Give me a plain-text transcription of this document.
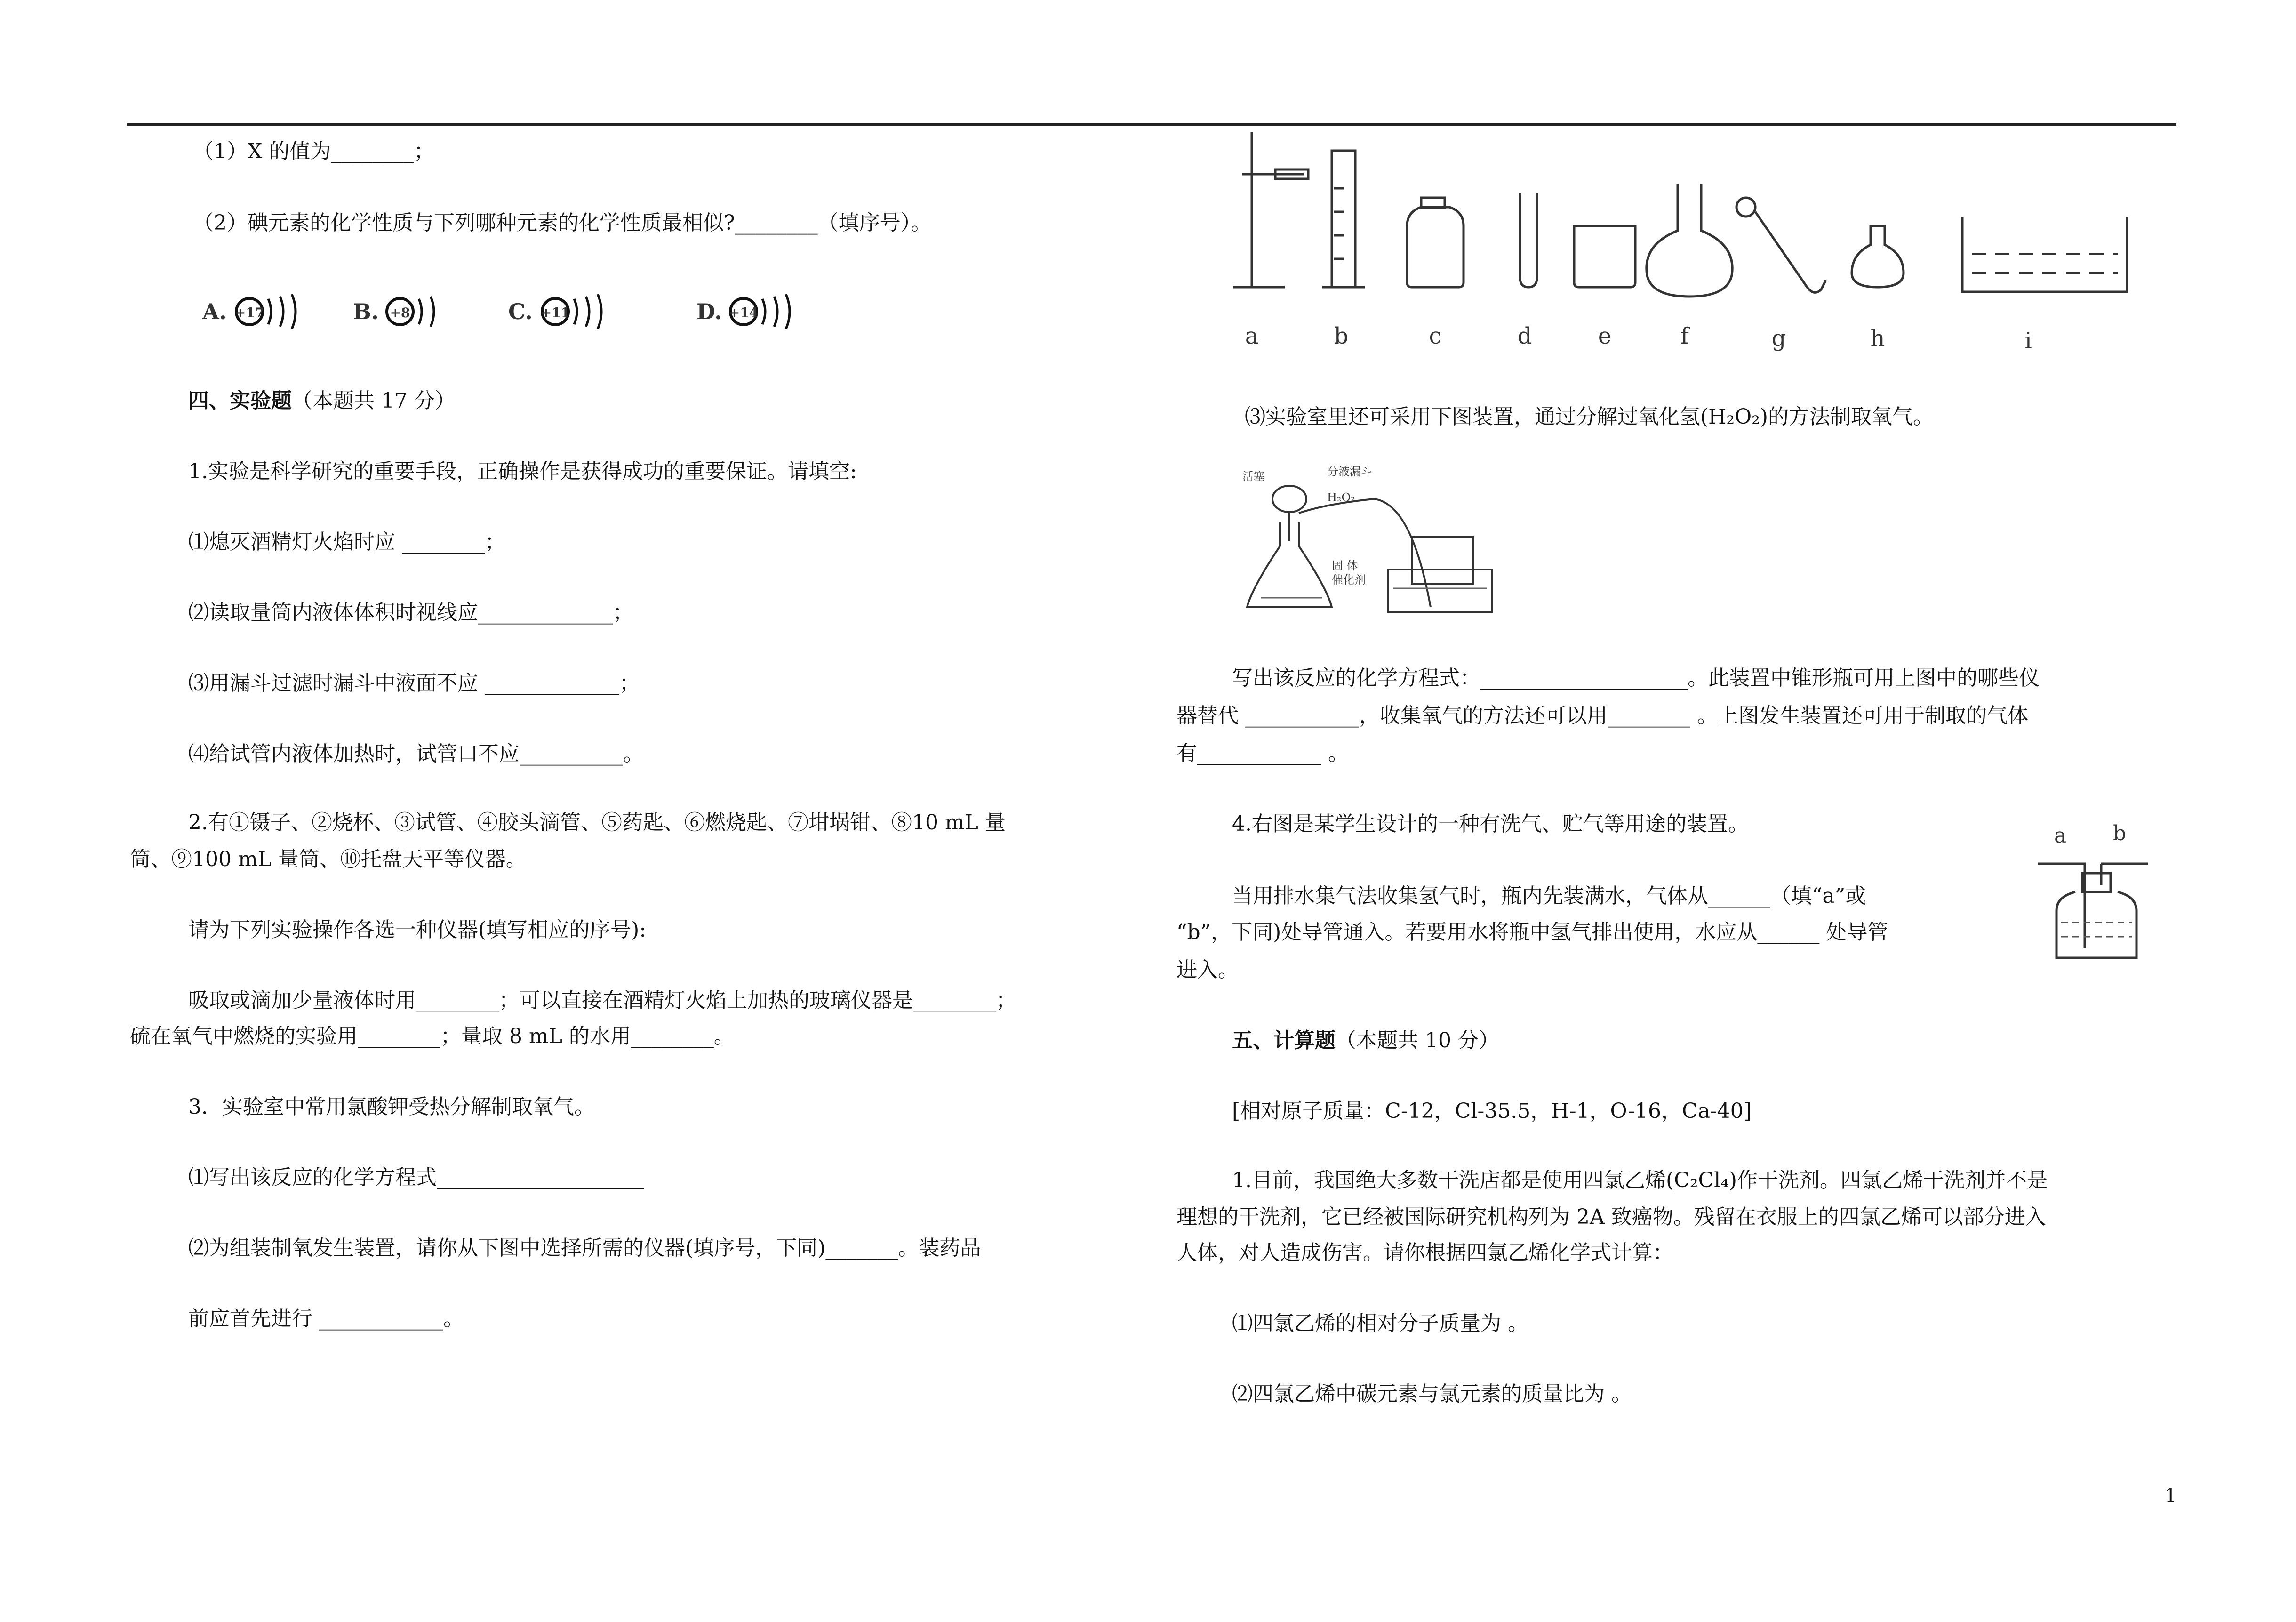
（1）X 的值为________；
（2）碘元素的化学性质与下列哪种元素的化学性质最相似?________（填序号）。
A. +17	B. +8	C. +11	D. +14
四、实验题（本题共 17 分）
1.实验是科学研究的重要手段，正确操作是获得成功的重要保证。请填空:
⑴熄灭酒精灯火焰时应 ________；
⑵读取量筒内液体体积时视线应_____________；
⑶用漏斗过滤时漏斗中液面不应 _____________；
⑷给试管内液体加热时，试管口不应__________。
2.有①镊子、②烧杯、③试管、④胶头滴管、⑤药匙、⑥燃烧匙、⑦坩埚钳、⑧10 mL 量
筒、⑨100 mL 量筒、⑩托盘天平等仪器。
请为下列实验操作各选一种仪器(填写相应的序号):
吸取或滴加少量液体时用________；可以直接在酒精灯火焰上加热的玻璃仪器是________；
硫在氧气中燃烧的实验用________；量取 8 mL 的水用________。
3．实验室中常用氯酸钾受热分解制取氧气。
⑴写出该反应的化学方程式____________________
⑵为组装制氧发生装置，请你从下图中选择所需的仪器(填序号，下同)_______。装药品
前应首先进行 ____________。
a	b	c	d	e	f	g	h	i
⑶实验室里还可采用下图装置，通过分解过氧化氢(H₂O₂)的方法制取氧气。
活塞	分液漏斗
H₂O₂
固 体
催化剂
写出该反应的化学方程式：____________________。此装置中锥形瓶可用上图中的哪些仪
器替代 ___________，收集氧气的方法还可以用________ 。上图发生装置还可用于制取的气体
有____________ 。
4.右图是某学生设计的一种有洗气、贮气等用途的装置。	a b
当用排水集气法收集氢气时，瓶内先装满水，气体从______（填“a”或
“b”，下同)处导管通入。若要用水将瓶中氢气排出使用，水应从______ 处导管
进入。
五、计算题（本题共 10 分）
[相对原子质量：C-12，Cl-35.5，H-1，O-16，Ca-40]
1.目前，我国绝大多数干洗店都是使用四氯乙烯(C₂Cl₄)作干洗剂。四氯乙烯干洗剂并不是
理想的干洗剂，它已经被国际研究机构列为 2A 致癌物。残留在衣服上的四氯乙烯可以部分进入
人体，对人造成伤害。请你根据四氯乙烯化学式计算：
⑴四氯乙烯的相对分子质量为 。
⑵四氯乙烯中碳元素与氯元素的质量比为 。
1
